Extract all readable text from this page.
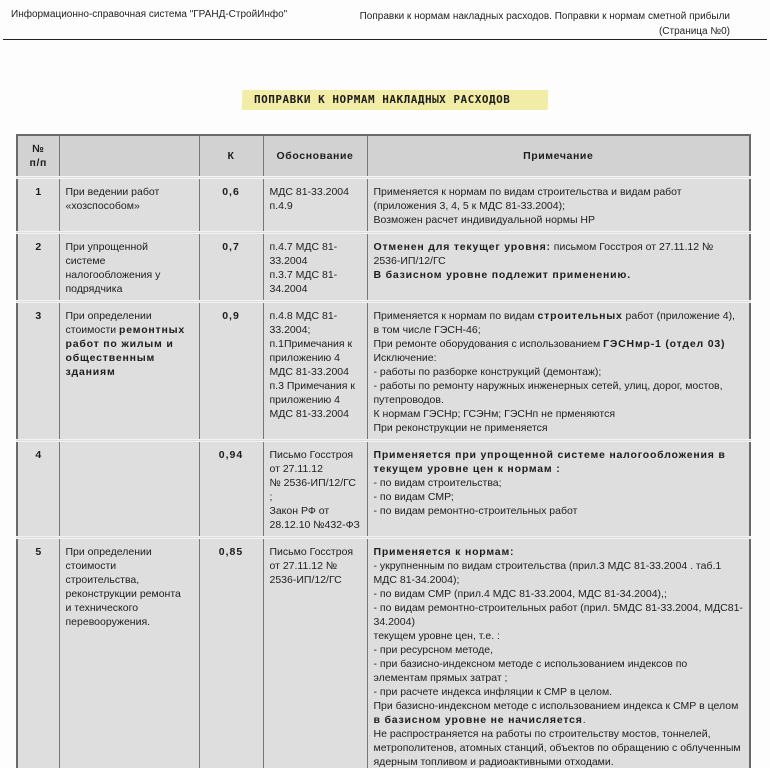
Информационно-справочная система "ГРАНД-СтройИнфо"	Поправки к нормам накладных расходов. Поправки к нормам сметной прибыли
(Страница №0)
ПОПРАВКИ К НОРМАМ НАКЛАДНЫХ РАСХОДОВ
№
п/п		К	Обоснование	Примечание
1	При ведении работ
«хозспособом»	0,6	МДС 81-33.2004
п.4.9	Применяется к нормам по видам строительства и видам работ (приложения 3, 4, 5 к МДС 81-33.2004);
Возможен расчет индивидуальной нормы НР

2	При упрощенной
системе
налогообложения у
подрядчика	0,7	п.4.7 МДС 81-
33.2004
п.3.7 МДС 81-
34.2004	Отменен для текущег уровня: письмом Госстроя от 27.11.12 № 2536-ИП/12/ГС
В базисном уровне подлежит применению.

3	При определении стоимости ремонтных работ по жилым и общественным зданиям	0,9	п.4.8 МДС 81-
33.2004;
п.1Примечания к
приложению 4
МДС 81-33.2004
п.3 Примечания к
приложению 4
МДС 81-33.2004

Применяется к нормам по видам строительных работ (приложение 4), в том числе ГЭСН-46;
При ремонте оборудования с использованием ГЭСНмр-1 (отдел 03)
Исключение:
- работы по разборке конструкций (демонтаж);
- работы по ремонту наружных инженерных сетей, улиц, дорог, мостов, путепроводов.
К нормам ГЭСНр; ГСЭНм; ГЭСНп не прменяются
При реконструкции не применяется

4		0,94	Письмо Госстроя
от 27.11.12
№ 2536-ИП/12/ГС ;
Закон РФ от
28.12.10 №432-ФЗ	Применяется при упрощенной системе налогообложения в текущем уровне цен к нормам :
- по видам строительства;
- по видам СМР;
- по видам ремонтно-строительных работ

5	При определении
стоимости
строительства,
реконструкции ремонта
и технического
перевооружения.
	0,85	Письмо Госстроя
от 27.11.12 №
2536-ИП/12/ГС

Применяется к нормам:
- укрупненным по видам строительства (прил.3 МДС 81-33.2004 . таб.1 МДС 81-34.2004);
- по видам СМР (прил.4 МДС 81-33.2004, МДС 81-34.2004),;
- по видам ремонтно-строительных работ (прил. 5МДС 81-33.2004, МДС81-34.2004)
текущем уровне цен, т.е. :
- при ресурсном методе,
- при базисно-индексном методе с использованием индексов по элементам прямых затрат ;
- при расчете индекса инфляции к СМР в целом.
При базисно-индексном методе с использованием индекса к СМР в целом в базисном уровне не начисляется.
Не распространяется на работы по строительству мостов, тоннелей, метрополитенов, атомных станций, объектов по обращению с облученным ядерным топливом и радиоактивными отходами.
